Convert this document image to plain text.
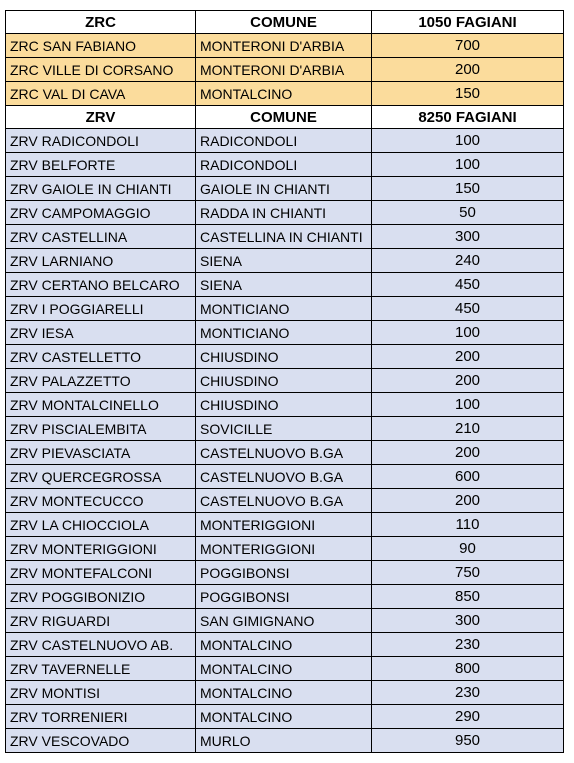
ZRC	COMUNE	1050 FAGIANI
ZRC SAN FABIANO	MONTERONI D'ARBIA	700
ZRC VILLE DI CORSANO	MONTERONI D'ARBIA	200
ZRC VAL DI CAVA	MONTALCINO	150
ZRV	COMUNE	8250 FAGIANI
ZRV RADICONDOLI	RADICONDOLI	100
ZRV BELFORTE	RADICONDOLI	100
ZRV GAIOLE IN CHIANTI	GAIOLE IN CHIANTI	150
ZRV CAMPOMAGGIO	RADDA IN CHIANTI	50
ZRV CASTELLINA	CASTELLINA IN CHIANTI	300
ZRV LARNIANO	SIENA	240
ZRV CERTANO BELCARO	SIENA	450
ZRV I POGGIARELLI	MONTICIANO	450
ZRV IESA	MONTICIANO	100
ZRV CASTELLETTO	CHIUSDINO	200
ZRV PALAZZETTO	CHIUSDINO	200
ZRV MONTALCINELLO	CHIUSDINO	100
ZRV PISCIALEMBITA	SOVICILLE	210
ZRV PIEVASCIATA	CASTELNUOVO B.GA	200
ZRV QUERCEGROSSA	CASTELNUOVO B.GA	600
ZRV MONTECUCCO	CASTELNUOVO B.GA	200
ZRV LA CHIOCCIOLA	MONTERIGGIONI	110
ZRV MONTERIGGIONI	MONTERIGGIONI	90
ZRV MONTEFALCONI	POGGIBONSI	750
ZRV POGGIBONIZIO	POGGIBONSI	850
ZRV RIGUARDI	SAN GIMIGNANO	300
ZRV CASTELNUOVO AB.	MONTALCINO	230
ZRV TAVERNELLE	MONTALCINO	800
ZRV MONTISI	MONTALCINO	230
ZRV TORRENIERI	MONTALCINO	290
ZRV VESCOVADO	MURLO	950
